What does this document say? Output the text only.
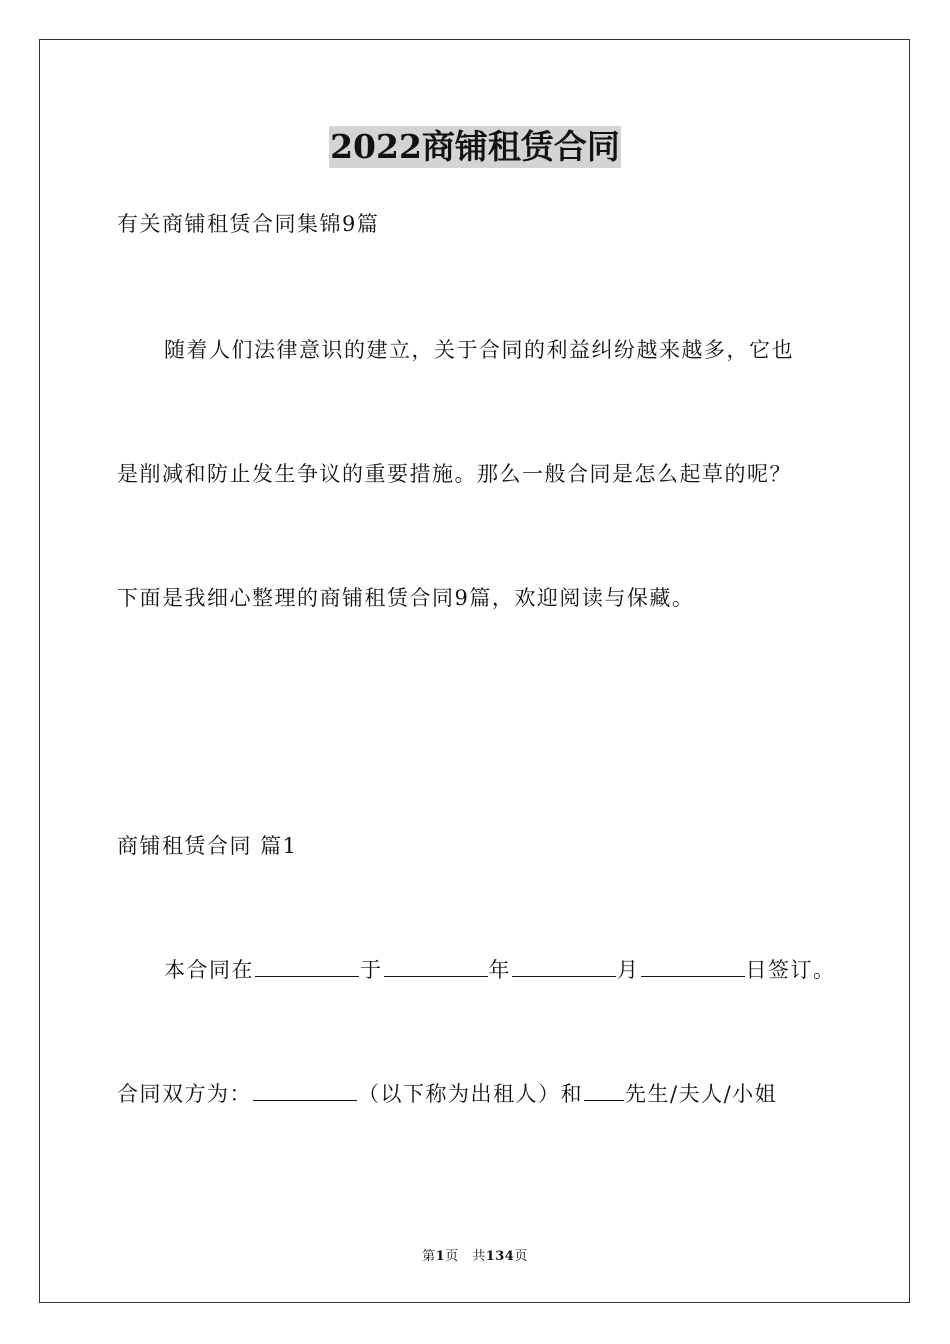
2022商铺租赁合同
有关商铺租赁合同集锦9篇
随着人们法律意识的建立，关于合同的利益纠纷越来越多，它也
是削减和防止发生争议的重要措施。那么一般合同是怎么起草的呢？
下面是我细心整理的商铺租赁合同9篇，欢迎阅读与保藏。
商铺租赁合同 篇1
本合同在	于	年	月	日签订。
合同双方为：	（以下称为出租人）和 先生/夫人/小姐
第1页　共134页
